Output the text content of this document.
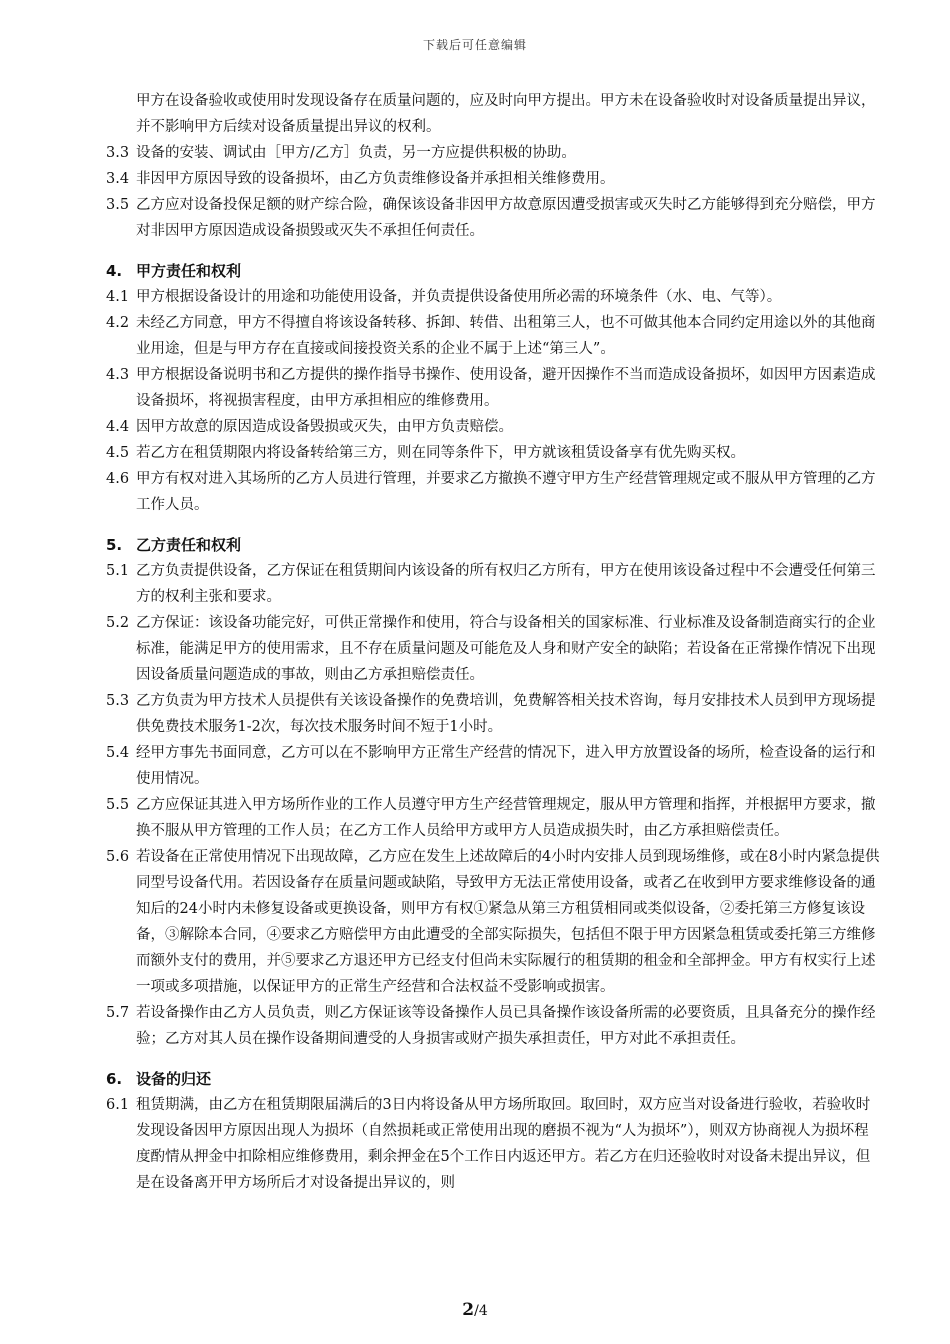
下载后可任意编辑
甲方在设备验收或使用时发现设备存在质量问题的，应及时向甲方提出。甲方未在设备验收时对设备质量提出异议，并不影响甲方后续对设备质量提出异议的权利。
3.3 设备的安装、调试由［甲方/乙方］负责，另一方应提供积极的协助。
3.4 非因甲方原因导致的设备损坏，由乙方负责维修设备并承担相关维修费用。
3.5 乙方应对设备投保足额的财产综合险，确保该设备非因甲方故意原因遭受损害或灭失时乙方能够得到充分赔偿，甲方对非因甲方原因造成设备损毁或灭失不承担任何责任。
4. 甲方责任和权利
4.1 甲方根据设备设计的用途和功能使用设备，并负责提供设备使用所必需的环境条件（水、电、气等）。
4.2 未经乙方同意，甲方不得擅自将该设备转移、拆卸、转借、出租第三人，也不可做其他本合同约定用途以外的其他商业用途，但是与甲方存在直接或间接投资关系的企业不属于上述“第三人”。
4.3 甲方根据设备说明书和乙方提供的操作指导书操作、使用设备，避开因操作不当而造成设备损坏，如因甲方因素造成设备损坏，将视损害程度，由甲方承担相应的维修费用。
4.4 因甲方故意的原因造成设备毁损或灭失，由甲方负责赔偿。
4.5 若乙方在租赁期限内将设备转给第三方，则在同等条件下，甲方就该租赁设备享有优先购买权。
4.6 甲方有权对进入其场所的乙方人员进行管理，并要求乙方撤换不遵守甲方生产经营管理规定或不服从甲方管理的乙方工作人员。
5. 乙方责任和权利
5.1 乙方负责提供设备，乙方保证在租赁期间内该设备的所有权归乙方所有，甲方在使用该设备过程中不会遭受任何第三方的权利主张和要求。
5.2 乙方保证：该设备功能完好，可供正常操作和使用，符合与设备相关的国家标准、行业标准及设备制造商实行的企业标准，能满足甲方的使用需求，且不存在质量问题及可能危及人身和财产安全的缺陷；若设备在正常操作情况下出现因设备质量问题造成的事故，则由乙方承担赔偿责任。
5.3 乙方负责为甲方技术人员提供有关该设备操作的免费培训，免费解答相关技术咨询，每月安排技术人员到甲方现场提供免费技术服务1-2次，每次技术服务时间不短于1小时。
5.4 经甲方事先书面同意，乙方可以在不影响甲方正常生产经营的情况下，进入甲方放置设备的场所，检查设备的运行和使用情况。
5.5 乙方应保证其进入甲方场所作业的工作人员遵守甲方生产经营管理规定，服从甲方管理和指挥，并根据甲方要求，撤换不服从甲方管理的工作人员；在乙方工作人员给甲方或甲方人员造成损失时，由乙方承担赔偿责任。
5.6 若设备在正常使用情况下出现故障，乙方应在发生上述故障后的4小时内安排人员到现场维修，或在8小时内紧急提供同型号设备代用。若因设备存在质量问题或缺陷，导致甲方无法正常使用设备，或者乙在收到甲方要求维修设备的通知后的24小时内未修复设备或更换设备，则甲方有权①紧急从第三方租赁相同或类似设备，②委托第三方修复该设备，③解除本合同，④要求乙方赔偿甲方由此遭受的全部实际损失，包括但不限于甲方因紧急租赁或委托第三方维修而额外支付的费用，并⑤要求乙方退还甲方已经支付但尚未实际履行的租赁期的租金和全部押金。甲方有权实行上述一项或多项措施，以保证甲方的正常生产经营和合法权益不受影响或损害。
5.7 若设备操作由乙方人员负责，则乙方保证该等设备操作人员已具备操作该设备所需的必要资质，且具备充分的操作经验；乙方对其人员在操作设备期间遭受的人身损害或财产损失承担责任，甲方对此不承担责任。
6. 设备的归还
6.1 租赁期满，由乙方在租赁期限届满后的3日内将设备从甲方场所取回。取回时，双方应当对设备进行验收，若验收时发现设备因甲方原因出现人为损坏（自然损耗或正常使用出现的磨损不视为“人为损坏”），则双方协商视人为损坏程度酌情从押金中扣除相应维修费用，剩余押金在5个工作日内返还甲方。若乙方在归还验收时对设备未提出异议，但是在设备离开甲方场所后才对设备提出异议的，则
2/4
